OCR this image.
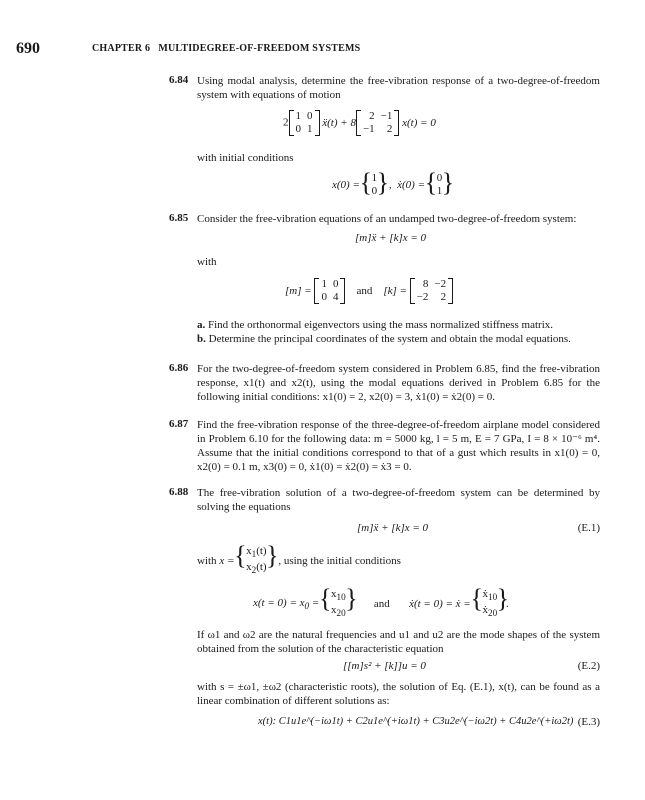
690	CHAPTER 6 MULTIDEGREE-OF-FREEDOM SYSTEMS
6.84 Using modal analysis, determine the free-vibration response of a two-degree-of-freedom system with equations of motion
2
1	0
0	1 ẍ(t) + 8
2	−1
−1	2 x(t) = 0
with initial conditions
x(0) =
{ 1
0
} ,  ẋ(0) =
{ 0
1
}
6.85 Consider the free-vibration equations of an undamped two-degree-of-freedom system:
[m]ẍ + [k]x = 0
with
[m] =
1	0
0	4 and [k] =
8	−2
−2	2
a. Find the orthonormal eigenvectors using the mass normalized stiffness matrix.
b. Determine the principal coordinates of the system and obtain the modal equations.
6.86 For the two-degree-of-freedom system considered in Problem 6.85, find the free-vibration response, x1(t) and x2(t), using the modal equations derived in Problem 6.85 for the following initial conditions: x1(0) = 2, x2(0) = 3, ẋ1(0) = ẋ2(0) = 0.
6.87 Find the free-vibration response of the three-degree-of-freedom airplane model considered in Problem 6.10 for the following data: m = 5000 kg, l = 5 m, E = 7 GPa, I = 8 × 10⁻⁶ m⁴. Assume that the initial conditions correspond to that of a gust which results in x1(0) = 0, x2(0) = 0.1 m, x3(0) = 0, ẋ1(0) = ẋ2(0) = ẋ3 = 0.
6.88 The free-vibration solution of a two-degree-of-freedom system can be determined by solving the equations
[m]ẍ + [k]x = 0	(E.1)
with x =
{ $x_1(t)$
$x_2(t)$
} , using the initial conditions
$x(t = 0) = x_0$ =
{ $x_{10}$
$x_{20}$
}       and ẋ(t = 0) = ẋ =
{ ẋ$_{10}$
ẋ$_{20}$
}.
If ω1 and ω2 are the natural frequencies and u1 and u2 are the mode shapes of the system obtained from the solution of the characteristic equation
[[m]s² + [k]]u = 0	(E.2)
with s = ±ω1, ±ω2 (characteristic roots), the solution of Eq. (E.1), x(t), can be found as a linear combination of different solutions as:
x(t): C1u1e^(−iω1t) + C2u1e^(+iω1t) + C3u2e^(−iω2t) + C4u2e^(+iω2t) (E.3)
